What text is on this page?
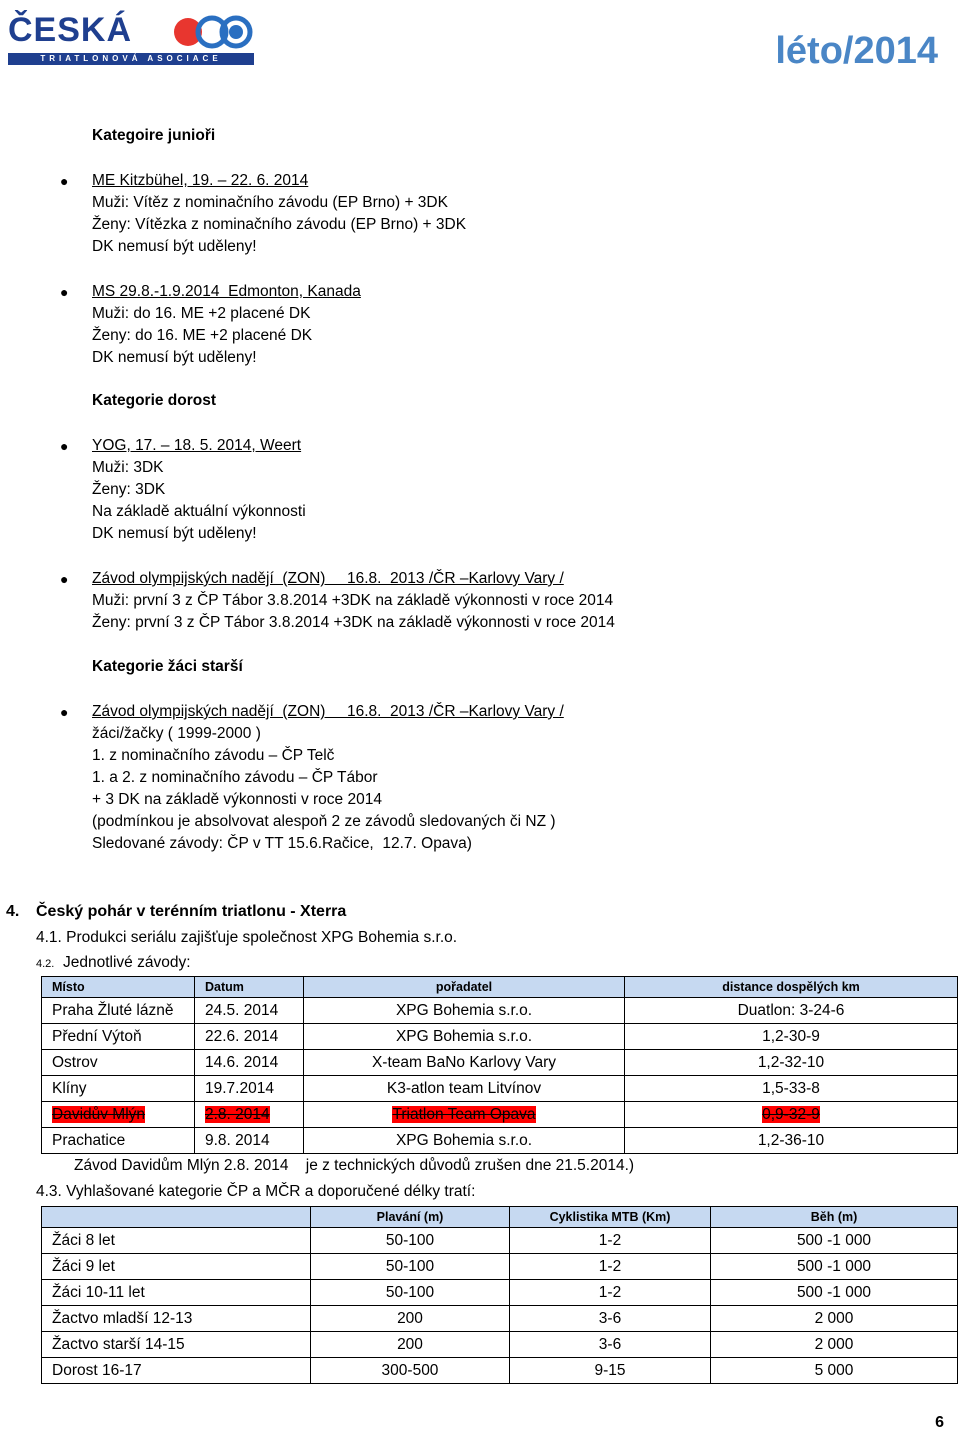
ČESKÁ
TRIATLONOVÁ ASOCIACE	léto/2014
Kategoire junioři
● ME Kitzbühel, 19. – 22. 6. 2014
Muži: Vítěz z nominačního závodu (EP Brno) + 3DK
Ženy: Vítězka z nominačního závodu (EP Brno) + 3DK
DK nemusí být uděleny!
● MS 29.8.-1.9.2014  Edmonton, Kanada
Muži: do 16. ME +2 placené DK
Ženy: do 16. ME +2 placené DK
DK nemusí být uděleny!
Kategorie dorost
● YOG, 17. – 18. 5. 2014, Weert
Muži: 3DK
Ženy: 3DK
Na základě aktuální výkonnosti
DK nemusí být uděleny!
● Závod olympijských nadějí  (ZON)     16.8.  2013 /ČR –Karlovy Vary /
Muži: první 3 z ČP Tábor 3.8.2014 +3DK na základě výkonnosti v roce 2014
Ženy: první 3 z ČP Tábor 3.8.2014 +3DK na základě výkonnosti v roce 2014
Kategorie žáci starší
● Závod olympijských nadějí  (ZON)     16.8.  2013 /ČR –Karlovy Vary /
žáci/žačky ( 1999-2000 )
1. z nominačního závodu – ČP Telč
1. a 2. z nominačního závodu – ČP Tábor
+ 3 DK na základě výkonnosti v roce 2014
(podmínkou je absolvovat alespoň 2 ze závodů sledovaných či NZ )
Sledované závody: ČP v TT 15.6.Račice,  12.7. Opava)
4. Český pohár v terénním triatlonu - Xterra
4.1. Produkci seriálu zajišťuje společnost XPG Bohemia s.r.o.
4.2. Jednotlivé závody:
Místo	Datum	pořadatel	distance dospělých km
Praha Žluté lázně	24.5. 2014	XPG Bohemia s.r.o.	Duatlon: 3-24-6
Přední Výtoň	22.6. 2014	XPG Bohemia s.r.o.	1,2-30-9
Ostrov	14.6. 2014	X-team BaNo Karlovy Vary	1,2-32-10
Klíny	19.7.2014	K3-atlon team Litvínov	1,5-33-8
Davidův Mlýn	2.8. 2014	Triatlon Team Opava	0,9-32-9
Prachatice	9.8. 2014	XPG Bohemia s.r.o.	1,2-36-10
Závod Davidům Mlýn 2.8. 2014    je z technických důvodů zrušen dne 21.5.2014.)
4.3. Vyhlašované kategorie ČP a MČR a doporučené délky tratí:
	Plavání (m)	Cyklistika MTB (Km)	Běh (m)
Žáci 8 let	50-100	1-2	500 -1 000
Žáci 9 let	50-100	1-2	500 -1 000
Žáci 10-11 let	50-100	1-2	500 -1 000
Žactvo mladší 12-13	200	3-6	2 000
Žactvo starší 14-15	200	3-6	2 000
Dorost 16-17	300-500	9-15	5 000
6
